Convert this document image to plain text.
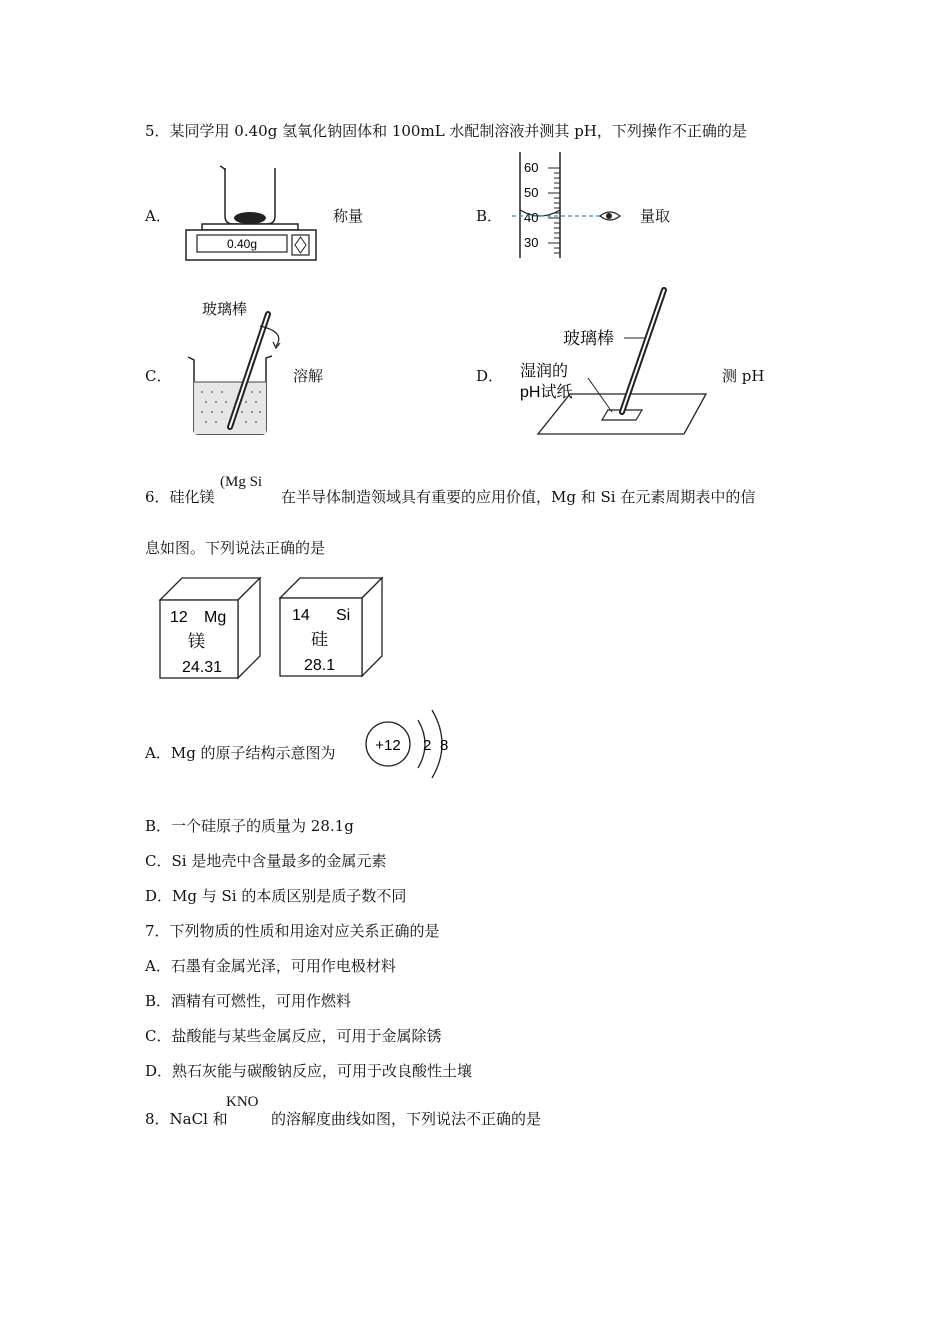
5．某同学用 0.40g 氢氧化钠固体和 100mL 水配制溶液并测其 pH，下列操作不正确的是
A．
0.40g
称量	B．
60
50
40
30
量取
C．
玻璃棒
溶解	D．
玻璃棒
湿润的
pH试纸
测 pH
6．硅化镁
(Mg Si
在半导体制造领域具有重要的应用价值，Mg 和 Si 在元素周期表中的信
息如图。下列说法正确的是
12 Mg
镁
24.31
14 Si
硅
28.1
A．Mg 的原子结构示意图为	+12 2 8
B．一个硅原子的质量为 28.1g
C．Si 是地壳中含量最多的金属元素
D．Mg 与 Si 的本质区别是质子数不同
7．下列物质的性质和用途对应关系正确的是
A．石墨有金属光泽，可用作电极材料
B．酒精有可燃性，可用作燃料
C．盐酸能与某些金属反应，可用于金属除锈
D．熟石灰能与碳酸钠反应，可用于改良酸性土壤
8．NaCl 和
KNO
的溶解度曲线如图，下列说法不正确的是
